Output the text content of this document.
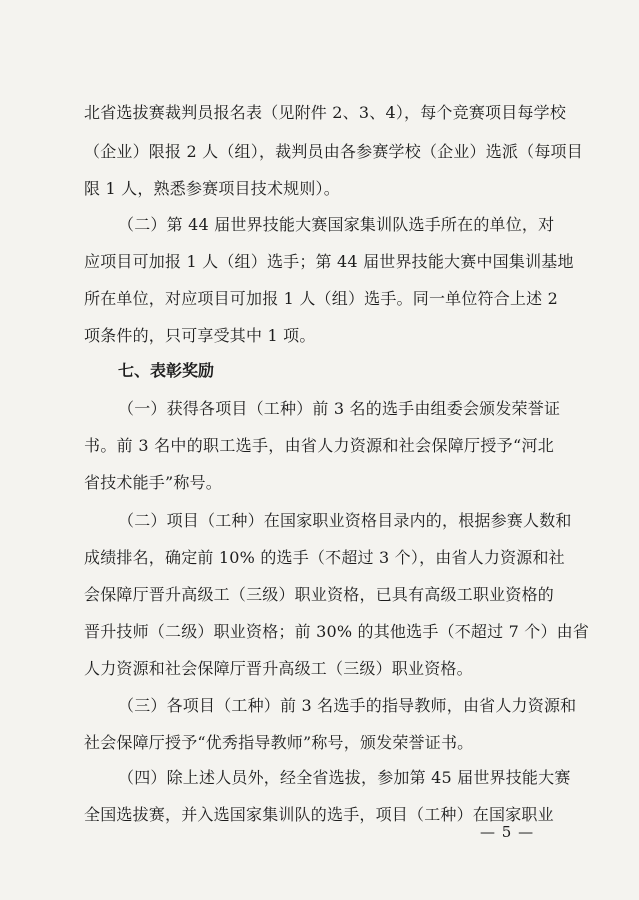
北省选拔赛裁判员报名表（见附件 2、3、4），每个竞赛项目每学校
（企业）限报 2 人（组），裁判员由各参赛学校（企业）选派（每项目
限 1 人，熟悉参赛项目技术规则）。
（二）第 44 届世界技能大赛国家集训队选手所在的单位，对
应项目可加报 1 人（组）选手；第 44 届世界技能大赛中国集训基地
所在单位，对应项目可加报 1 人（组）选手。同一单位符合上述 2
项条件的，只可享受其中 1 项。
七、表彰奖励
（一）获得各项目（工种）前 3 名的选手由组委会颁发荣誉证
书。前 3 名中的职工选手，由省人力资源和社会保障厅授予“河北
省技术能手”称号。
（二）项目（工种）在国家职业资格目录内的，根据参赛人数和
成绩排名，确定前 10% 的选手（不超过 3 个），由省人力资源和社
会保障厅晋升高级工（三级）职业资格，已具有高级工职业资格的
晋升技师（二级）职业资格；前 30% 的其他选手（不超过 7 个）由省
人力资源和社会保障厅晋升高级工（三级）职业资格。
（三）各项目（工种）前 3 名选手的指导教师，由省人力资源和
社会保障厅授予“优秀指导教师”称号，颁发荣誉证书。
（四）除上述人员外，经全省选拔，参加第 45 届世界技能大赛
全国选拔赛，并入选国家集训队的选手，项目（工种）在国家职业
— 5 —
